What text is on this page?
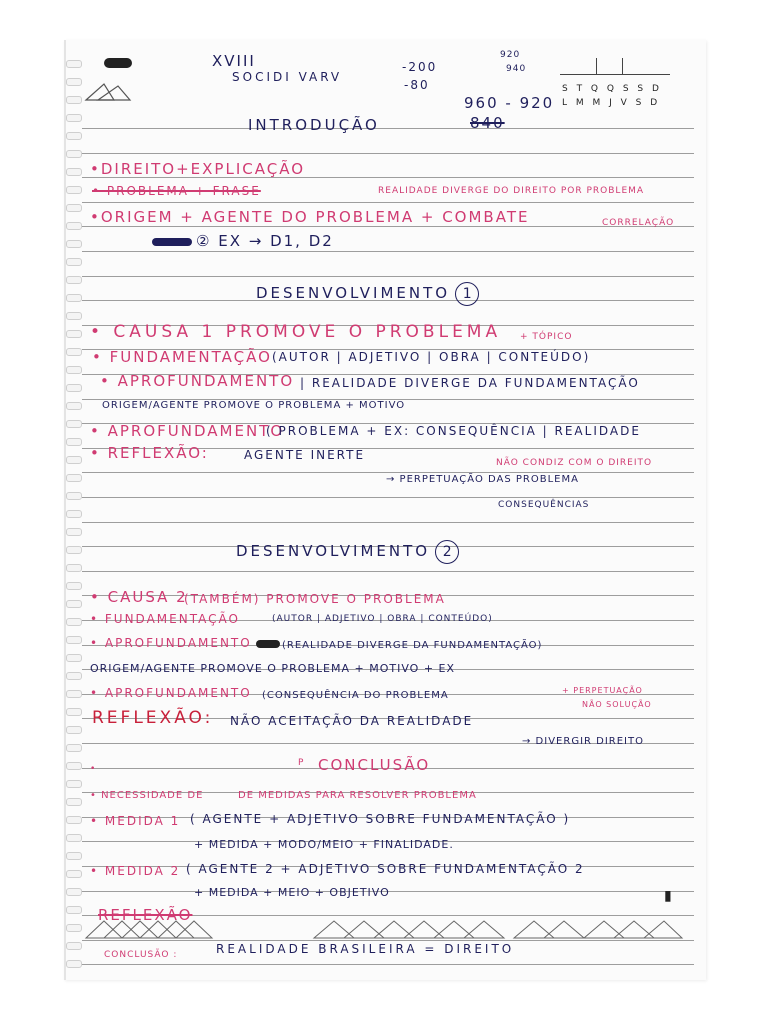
XVIII
SOCIDI VARV
-200
-80
920
940
960 - 920
840
S T Q Q S S D
L M M J V S D
INTRODUÇÃO
•DIREITO+EXPLICAÇÃO
• PROBLEMA + FRASE	REALIDADE DIVERGE DO DIREITO POR PROBLEMA
•ORIGEM + AGENTE DO PROBLEMA + COMBATE	CORRELAÇÃO
② EX → D1, D2
DESENVOLVIMENTO 1
• CAUSA 1 PROMOVE O PROBLEMA + TÓPICO
• FUNDAMENTAÇÃO (AUTOR | ADJETIVO | OBRA | CONTEÚDO)
• APROFUNDAMENTO | REALIDADE DIVERGE DA FUNDAMENTAÇÃO
ORIGEM/AGENTE PROMOVE O PROBLEMA + MOTIVO
• APROFUNDAMENTO
( PROBLEMA + EX: CONSEQUÊNCIA | REALIDADE
• REFLEXÃO:	AGENTE INERTE
NÃO CONDIZ COM O DIREITO
→ PERPETUAÇÃO DAS PROBLEMA
CONSEQUÊNCIAS
DESENVOLVIMENTO 2
• CAUSA 2
(TAMBÉM) PROMOVE O PROBLEMA
• FUNDAMENTAÇÃO	(AUTOR | ADJETIVO | OBRA | CONTEÚDO)
• APROFUNDAMENTO	(REALIDADE DIVERGE DA FUNDAMENTAÇÃO)
ORIGEM/AGENTE PROMOVE O PROBLEMA + MOTIVO + EX
• APROFUNDAMENTO (CONSEQUÊNCIA DO PROBLEMA	+ PERPETUAÇÃO
NÃO SOLUÇÃO
REFLEXÃO: NÃO ACEITAÇÃO DA REALIDADE
→ DIVERGIR DIREITO
•
P CONCLUSÃO
• NECESSIDADE DE	DE MEDIDAS PARA RESOLVER PROBLEMA
• MEDIDA 1 ( AGENTE + ADJETIVO SOBRE FUNDAMENTAÇÃO )
+ MEDIDA + MODO/MEIO + FINALIDADE.
• MEDIDA 2 ( AGENTE 2 + ADJETIVO SOBRE FUNDAMENTAÇÃO 2
+ MEDIDA + MEIO + OBJETIVO
REFLEXÃO
▮
CONCLUSÃO :	REALIDADE BRASILEIRA = DIREITO
